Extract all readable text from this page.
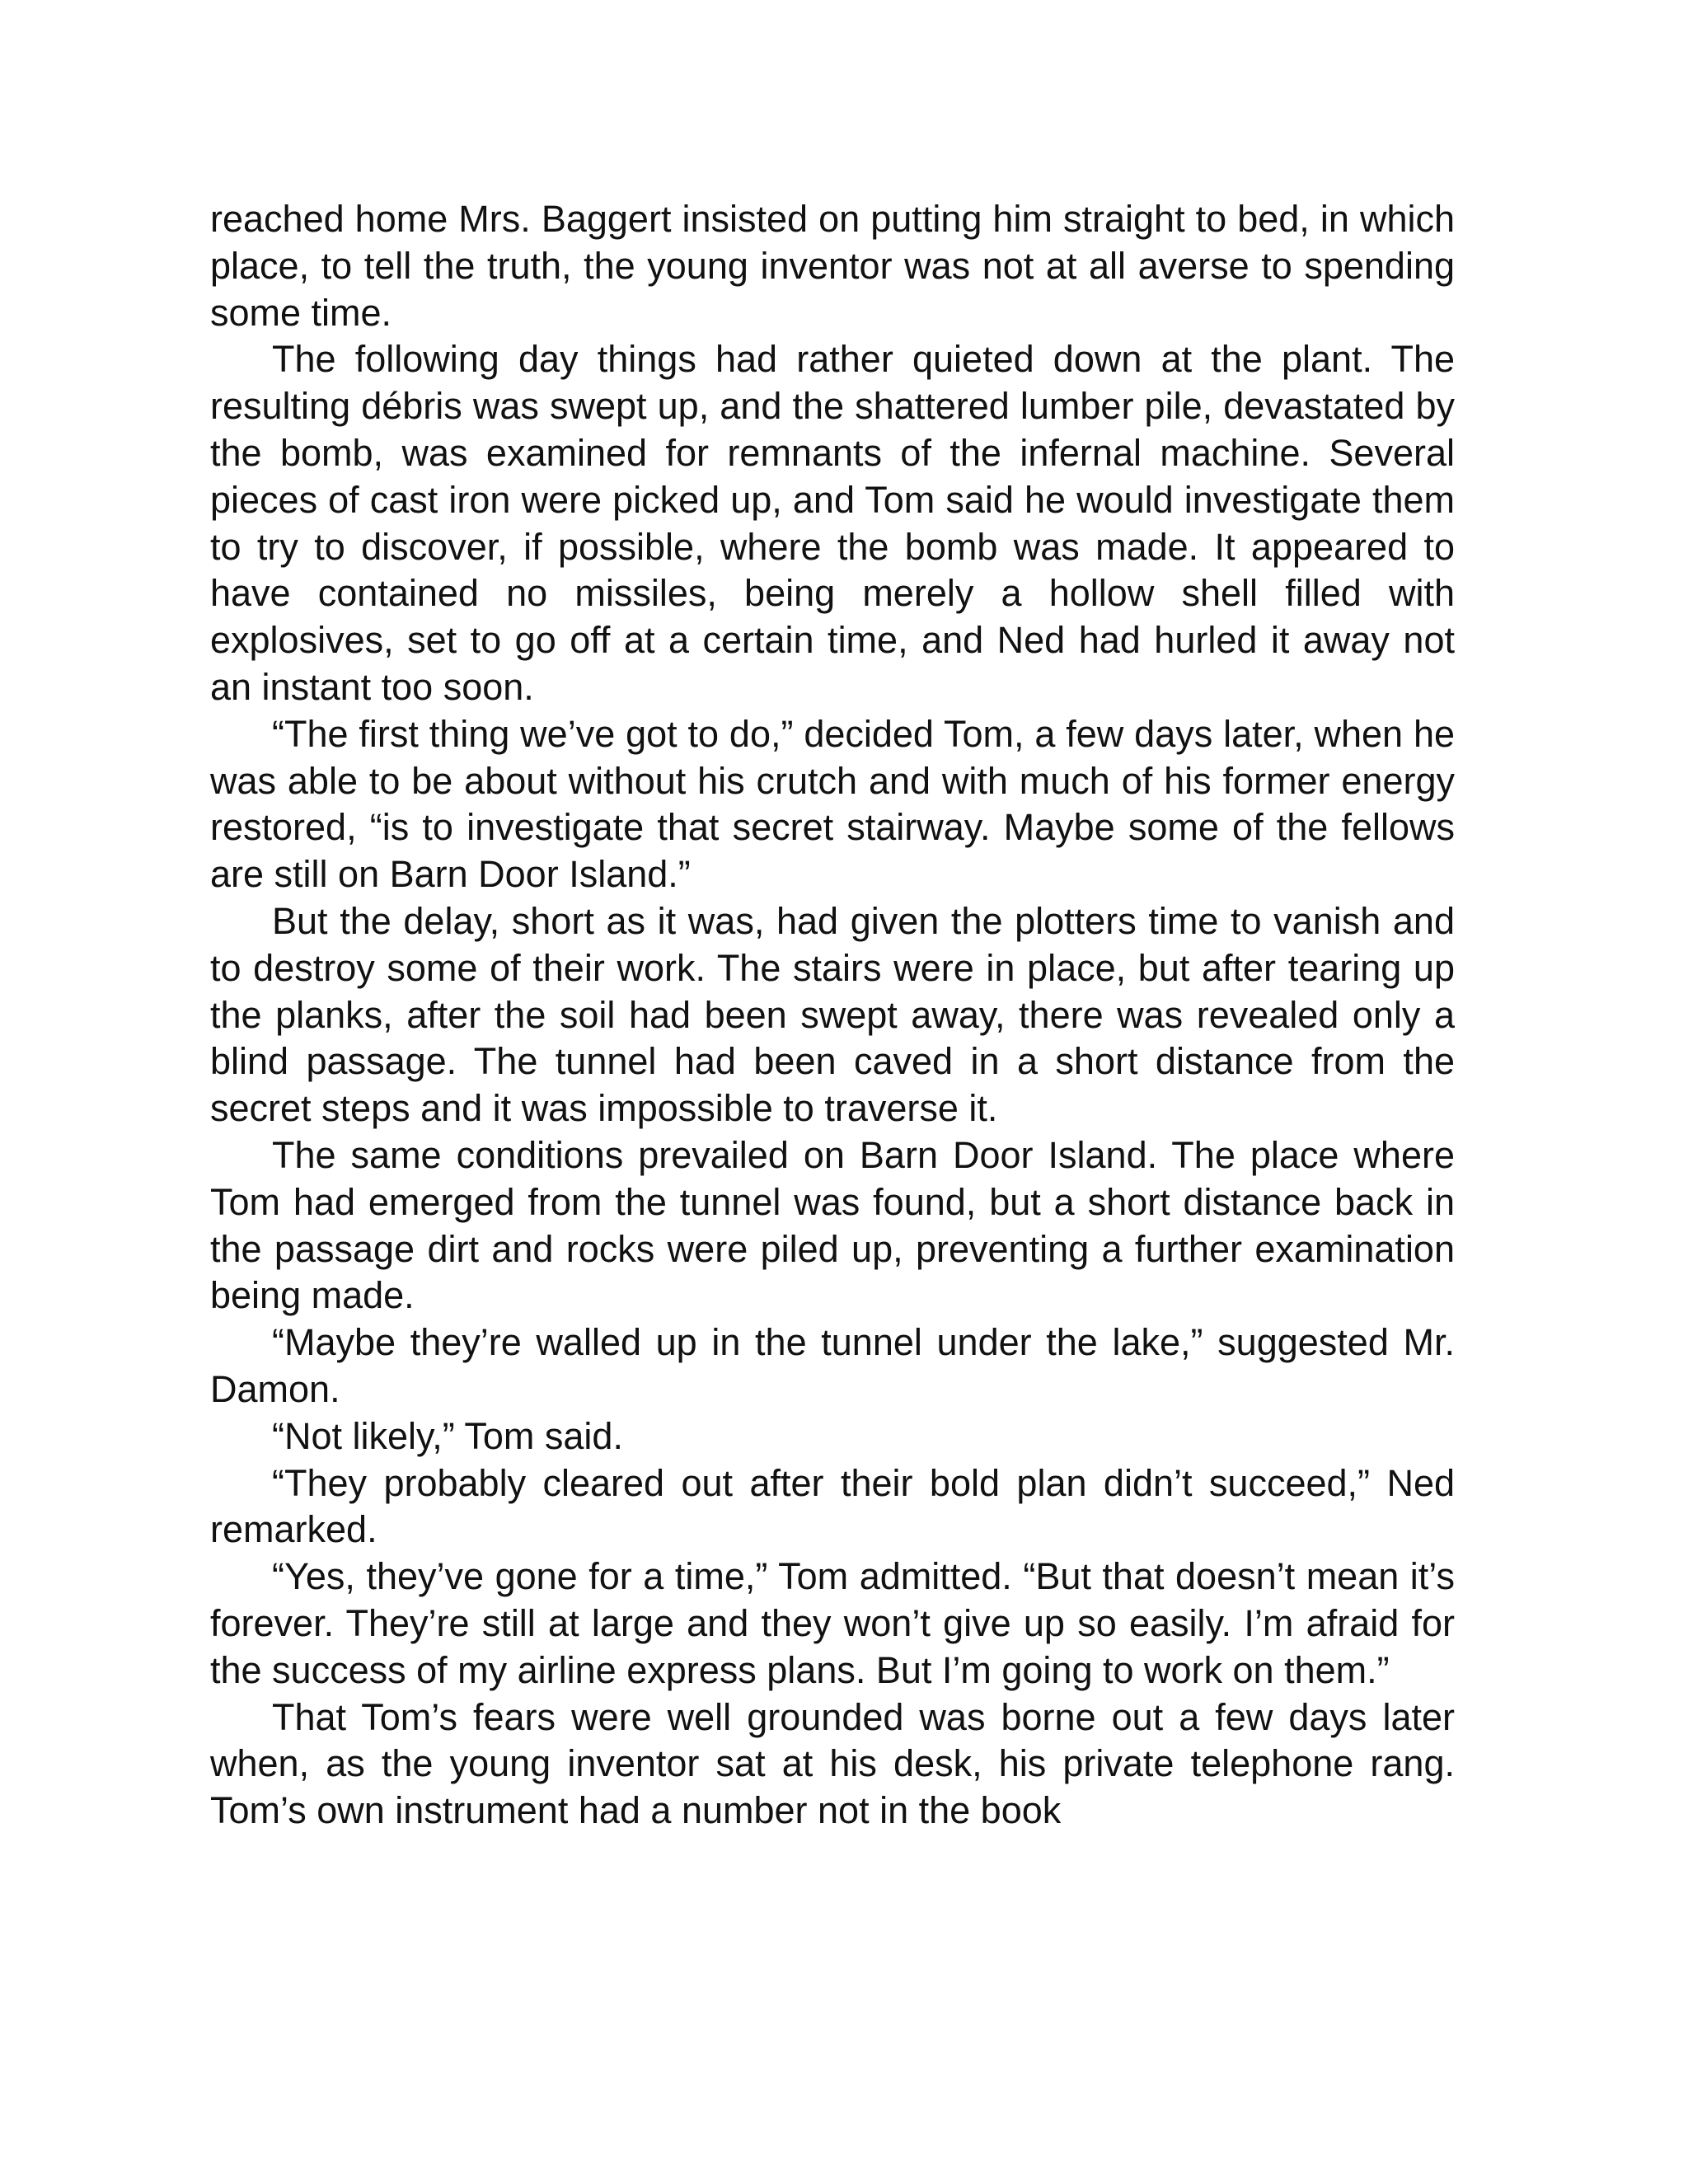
reached home Mrs. Baggert insisted on putting him straight to bed, in which place, to tell the truth, the young inventor was not at all averse to spending some time.

The following day things had rather quieted down at the plant. The resulting débris was swept up, and the shattered lumber pile, devastated by the bomb, was examined for remnants of the infernal machine. Several pieces of cast iron were picked up, and Tom said he would investigate them to try to discover, if possible, where the bomb was made. It appeared to have contained no missiles, being merely a hollow shell filled with explosives, set to go off at a certain time, and Ned had hurled it away not an instant too soon.

“The first thing we’ve got to do,” decided Tom, a few days later, when he was able to be about without his crutch and with much of his former energy restored, “is to investigate that secret stairway. Maybe some of the fellows are still on Barn Door Island.”

But the delay, short as it was, had given the plotters time to vanish and to destroy some of their work. The stairs were in place, but after tearing up the planks, after the soil had been swept away, there was revealed only a blind passage. The tunnel had been caved in a short distance from the secret steps and it was impossible to traverse it.

The same conditions prevailed on Barn Door Island. The place where Tom had emerged from the tunnel was found, but a short distance back in the passage dirt and rocks were piled up, preventing a further examination being made.

“Maybe they’re walled up in the tunnel under the lake,” suggested Mr. Damon.

“Not likely,” Tom said.

“They probably cleared out after their bold plan didn’t succeed,” Ned remarked.

“Yes, they’ve gone for a time,” Tom admitted. “But that doesn’t mean it’s forever. They’re still at large and they won’t give up so easily. I’m afraid for the success of my airline express plans. But I’m going to work on them.”

That Tom’s fears were well grounded was borne out a few days later when, as the young inventor sat at his desk, his private telephone rang. Tom’s own instrument had a number not in the book
